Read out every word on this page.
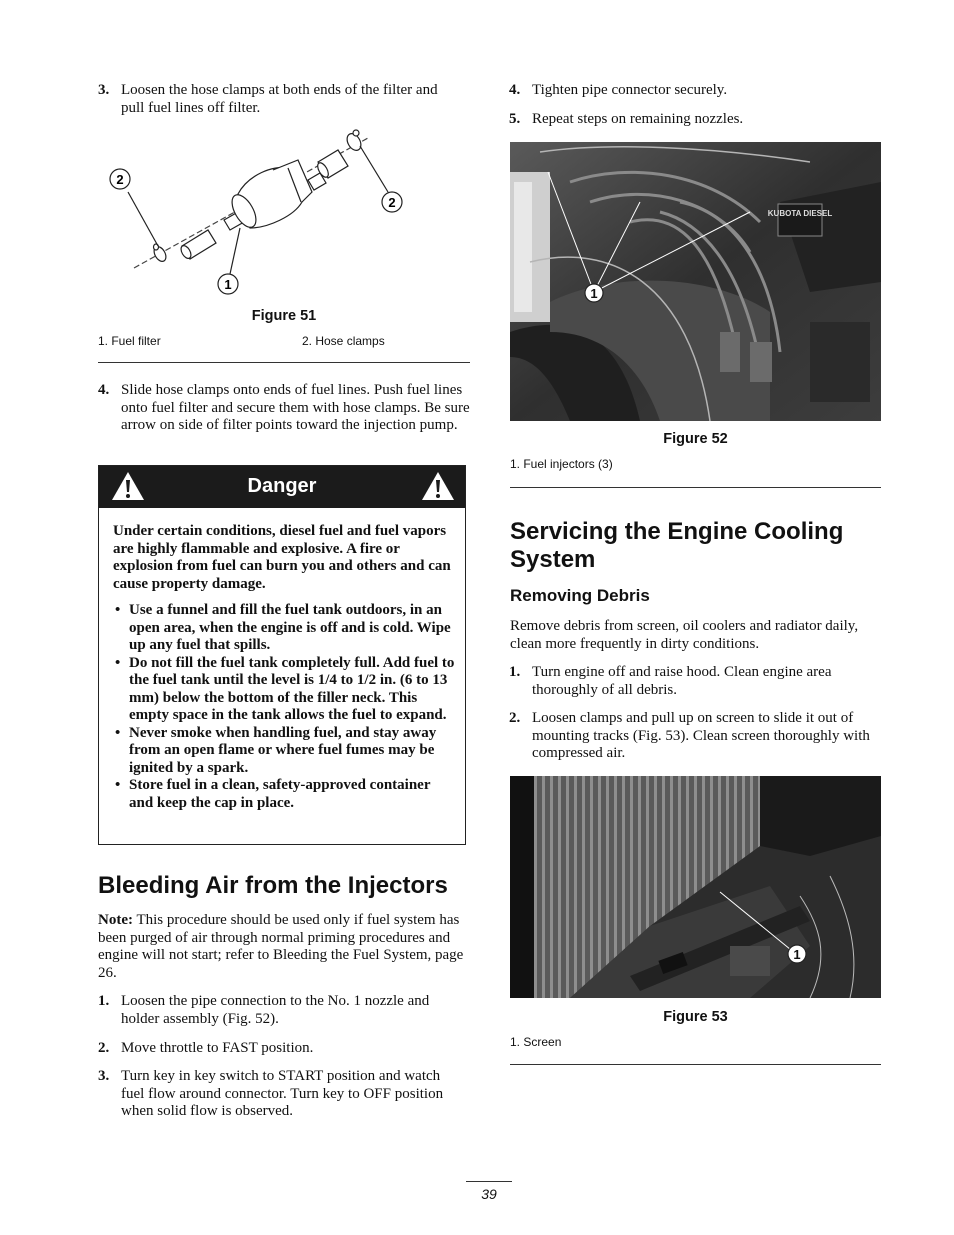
3. Loosen the hose clamps at both ends of the filter and pull fuel lines off filter.
2
2
1
Figure 51
1. Fuel filter	2. Hose clamps
4. Slide hose clamps onto ends of fuel lines. Push fuel lines onto fuel filter and secure them with hose clamps. Be sure arrow on side of filter points toward the injection pump.
Danger
Under certain conditions, diesel fuel and fuel vapors are highly flammable and explosive. A fire or explosion from fuel can burn you and others and can cause property damage.
• Use a funnel and fill the fuel tank outdoors, in an open area, when the engine is off and is cold. Wipe up any fuel that spills.
• Do not fill the fuel tank completely full. Add fuel to the fuel tank until the level is 1/4 to 1/2 in. (6 to 13 mm) below the bottom of the filler neck. This empty space in the tank allows the fuel to expand.
• Never smoke when handling fuel, and stay away from an open flame or where fuel fumes may be ignited by a spark.
• Store fuel in a clean, safety-approved container and keep the cap in place.
Bleeding Air from the Injectors
Note: This procedure should be used only if fuel system has been purged of air through normal priming procedures and engine will not start; refer to Bleeding the Fuel System, page 26.
1. Loosen the pipe connection to the No. 1 nozzle and holder assembly (Fig. 52).
2. Move throttle to FAST position.
3. Turn key in key switch to START position and watch fuel flow around connector. Turn key to OFF position when solid flow is observed.
4. Tighten pipe connector securely.
5. Repeat steps on remaining nozzles.
KUBOTA DIESEL
1
Figure 52
1. Fuel injectors (3)
Servicing the Engine Cooling
System
Removing Debris
Remove debris from screen, oil coolers and radiator daily, clean more frequently in dirty conditions.
1. Turn engine off and raise hood. Clean engine area thoroughly of all debris.
2. Loosen clamps and pull up on screen to slide it out of mounting tracks (Fig. 53). Clean screen thoroughly with compressed air.
1
Figure 53
1. Screen
39
